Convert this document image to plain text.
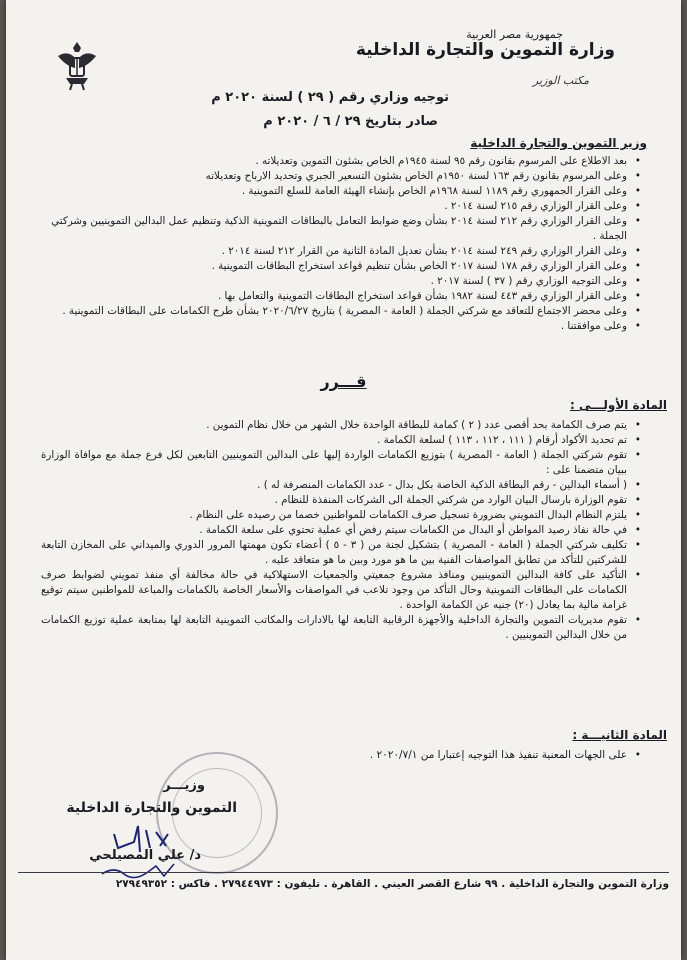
جمهورية مصر العربية
وزارة التموين والتجارة الداخلية
مكتب الوزير
توجيه وزاري رقم ( ٢٩ ) لسنة ٢٠٢٠ م
صادر بتاريخ ٢٩ / ٦ / ٢٠٢٠ م
وزير التموين والتجارة الداخلية
• بعد الاطلاع على المرسوم بقانون رقم ٩٥ لسنة ١٩٤٥م الخاص بشئون التموين وتعديلاته .
• وعلى المرسوم بقانون رقم ١٦٣ لسنة ١٩٥٠م الخاص بشئون التسعير الجبري وتحديد الارباح وتعديلاته
• وعلى القرار الجمهوري رقم ١١٨٩ لسنة ١٩٦٨م الخاص بإنشاء الهيئة العامة للسلع التموينية .
• وعلى القرار الوزاري رقم ٢١٥ لسنة ٢٠١٤ .
• وعلى القرار الوزاري رقم ٢١٢ لسنة ٢٠١٤ بشأن وضع ضوابط التعامل بالبطاقات التموينية الذكية وتنظيم عمل البدالين التموينيين وشركتي الجملة .
• وعلى القرار الوزاري رقم ٢٤٩ لسنة ٢٠١٤ بشأن تعديل المادة الثانية من القرار ٢١٢ لسنة ٢٠١٤ .
• وعلى القرار الوزاري رقم ١٧٨ لسنة ٢٠١٧ الخاص بشأن تنظيم قواعد استخراج البطاقات التموينية .
• وعلى التوجيه الوزاري رقم ( ٣٧ ) لسنة ٢٠١٧ .
• وعلى القرار الوزاري رقم ٤٤٣ لسنة ١٩٨٢ بشأن قواعد استخراج البطاقات التموينية والتعامل بها .
• وعلى محضر الاجتماع للتعاقد مع شركتي الجملة ( العامة - المصرية ) بتاريخ ٢٠٢٠/٦/٢٧ بشأن طرح الكمامات على البطاقات التموينية .
• وعلى موافقتنا .
قـــرر
المادة الأولـــى :
• يتم صرف الكمامة بحد أقصى عدد ( ٢ ) كمامة للبطاقة الواحدة خلال الشهر من خلال نظام التموين .
• تم تحديد الأكواد أرقام ( ١١١ ، ١١٢ ، ١١٣ ) لسلعة الكمامة .
• تقوم شركتي الجملة ( العامة - المصرية ) بتوزيع الكمامات الواردة إليها على البدالين التموينيين التابعين لكل فرع جملة مع موافاة الوزارة ببيان متضمنا على :
• ( أسماء البدالين - رقم البطاقة الذكية الخاصة بكل بدال - عدد الكمامات المنصرفة له ) .
• تقوم الوزارة بارسال البيان الوارد من شركتي الجملة الى الشركات المنفذة للنظام .
• يلتزم النظام البدال التمويني بضرورة تسجيل صرف الكمامات للمواطنين خصما من رصيده على النظام .
• في حالة نفاذ رصيد المواطن أو البدال من الكمامات سيتم رفض أي عملية تحتوي على سلعة الكمامة .
• تكليف شركتي الجملة ( العامة - المصرية ) بتشكيل لجنة من ( ٣ - ٥ ) أعضاء تكون مهمتها المرور الدوري والميداني على المخازن التابعة للشركتين للتأكد من تطابق المواصفات الفنية بين ما هو مورد وبين ما هو متعاقد عليه .
• التأكيد على كافة البدالين التموينيين ومنافذ مشروع جمعيتي والجمعيات الاستهلاكية في حالة مخالفة أي منفذ تمويني لضوابط صرف الكمامات على البطاقات التموينية وحال التأكد من وجود تلاعب في المواصفات والأسعار الخاصة بالكمامات والمباعة للمواطنين سيتم توقيع غرامة مالية بما يعادل (٢٠) جنيه عن الكمامة الواحدة .
• تقوم مديريات التموين والتجارة الداخلية والأجهزة الرقابية التابعة لها بالادارات والمكاتب التموينية التابعة لها بمتابعة عملية توزيع الكمامات من خلال البدالين التموينيين .
المادة الثانيـــة :
• على الجهات المعنية تنفيذ هذا التوجيه إعتبارا من ٢٠٢٠/٧/١ .
وزيـــر
التموين والتجارة الداخلية
د/ علي المصيلحي
وزارة التموين والتجارة الداخلية . ٩٩ شارع القصر العيني . القاهرة . تليفون : ٢٧٩٤٤٩٧٣ . فاكس : ٢٧٩٤٩٣٥٢
